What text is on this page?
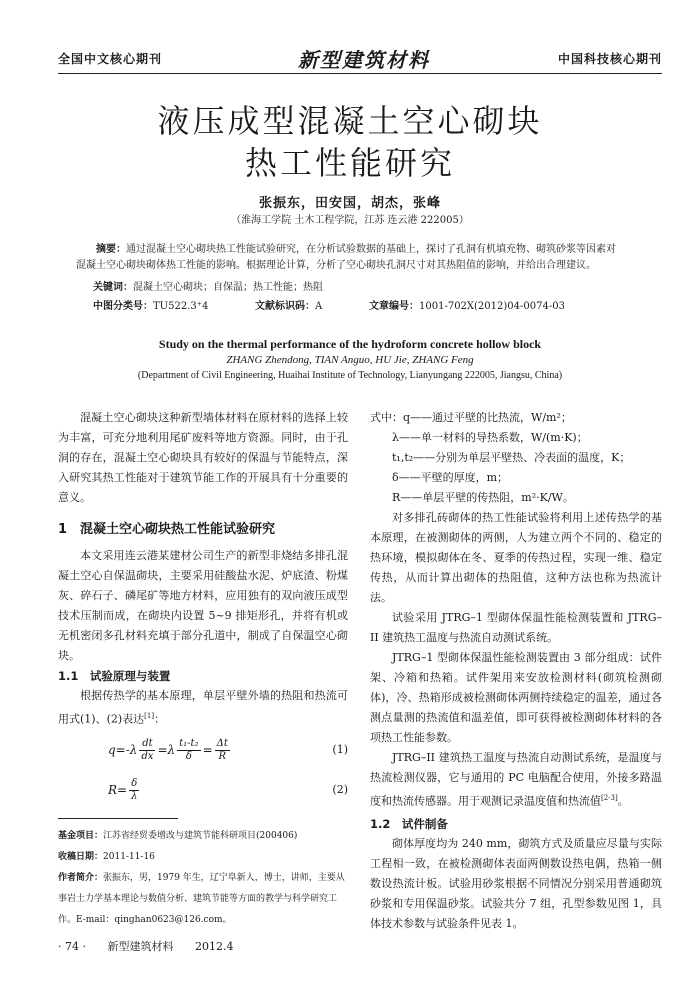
全国中文核心期刊	新型建筑材料	中国科技核心期刊
液压成型混凝土空心砌块
热工性能研究
张振东，田安国，胡杰，张峰
（淮海工学院 土木工程学院，江苏 连云港 222005）
摘要：通过混凝土空心砌块热工性能试验研究，在分析试验数据的基础上，探讨了孔洞有机填充物、砌筑砂浆等因素对混凝土空心砌块砌体热工性能的影响。根据理论计算，分析了空心砌块孔洞尺寸对其热阻值的影响，并给出合理建议。
关键词：混凝土空心砌块；自保温；热工性能；热阻
中图分类号：TU522.3⁺4	文献标识码：A	文章编号：1001-702X(2012)04-0074-03
Study on the thermal performance of the hydroform concrete hollow block
ZHANG Zhendong, TIAN Anguo, HU Jie, ZHANG Feng
(Department of Civil Engineering, Huaihai Institute of Technology, Lianyungang 222005, Jiangsu, China)

混凝土空心砌块这种新型墙体材料在原材料的选择上较为丰富，可充分地利用尾矿废料等地方资源。同时，由于孔洞的存在，混凝土空心砌块具有较好的保温与节能特点，深入研究其热工性能对于建筑节能工作的开展具有十分重要的意义。

1　混凝土空心砌块热工性能试验研究

本文采用连云港某建材公司生产的新型非烧结多排孔混凝土空心自保温砌块，主要采用硅酸盐水泥、炉底渣、粉煤灰、碎石子、磷尾矿等地方材料，应用独有的双向液压成型技术压制而成，在砌块内设置 5~9 排矩形孔，并将有机或无机密闭多孔材料充填于部分孔道中，制成了自保温空心砌块。

1.1　试验原理与装置

根据传热学的基本原理，单层平壁外墙的热阻和热流可用式(1)、(2)表达[1]：

$q=-\lambda \frac{dt}{dx} =\lambda \frac{\text{t₁-t₂}}{\delta} = \frac{\Delta t}{R}$	(1)
$R= \frac{\delta}{\lambda}$	(2)

式中：q——通过平壁的比热流，W/m²；

λ——单一材料的导热系数，W/(m·K)；

t₁,t₂——分别为单层平壁热、冷表面的温度，K；

δ——平壁的厚度，m；

R——单层平壁的传热阻，m²·K/W。

对多排孔砖砌体的热工性能试验将利用上述传热学的基本原理，在被测砌体的两侧，人为建立两个不同的、稳定的热环境，模拟砌体在冬、夏季的传热过程，实现一维、稳定传热，从而计算出砌体的热阻值，这种方法也称为热流计法。

试验采用 JTRG–1 型砌体保温性能检测装置和 JTRG–II 建筑热工温度与热流自动测试系统。

JTRG–1 型砌体保温性能检测装置由 3 部分组成：试件架、冷箱和热箱。试件架用来安放检测材料(砌筑检测砌体)，冷、热箱形成被检测砌体两侧持续稳定的温差，通过各测点量测的热流值和温差值，即可获得被检测砌体材料的各项热工性能参数。

JTRG–II 建筑热工温度与热流自动测试系统，是温度与热流检测仪器，它与通用的 PC 电脑配合使用，外接多路温度和热流传感器。用于观测记录温度值和热流值[2-3]。

1.2　试件制备

砌体厚度均为 240 mm，砌筑方式及质量应尽量与实际工程相一致，在被检测砌体表面两侧数设热电偶，热箱一侧数设热流计板。试验用砂浆根据不同情况分别采用普通砌筑砂浆和专用保温砂浆。试验共分 7 组，孔型参数见图 1，具体技术参数与试验条件见表 1。

基金项目：江苏省经贸委增改与建筑节能科研项目(200406)

收稿日期：2011-11-16

作者简介：张振东，男，1979 年生，辽宁阜新人，博士，讲师，主要从事岩土力学基本理论与数值分析、建筑节能等方面的教学与科学研究工作。E-mail：qinghan0623@126.com。

· 74 · 新型建筑材料 2012.4
